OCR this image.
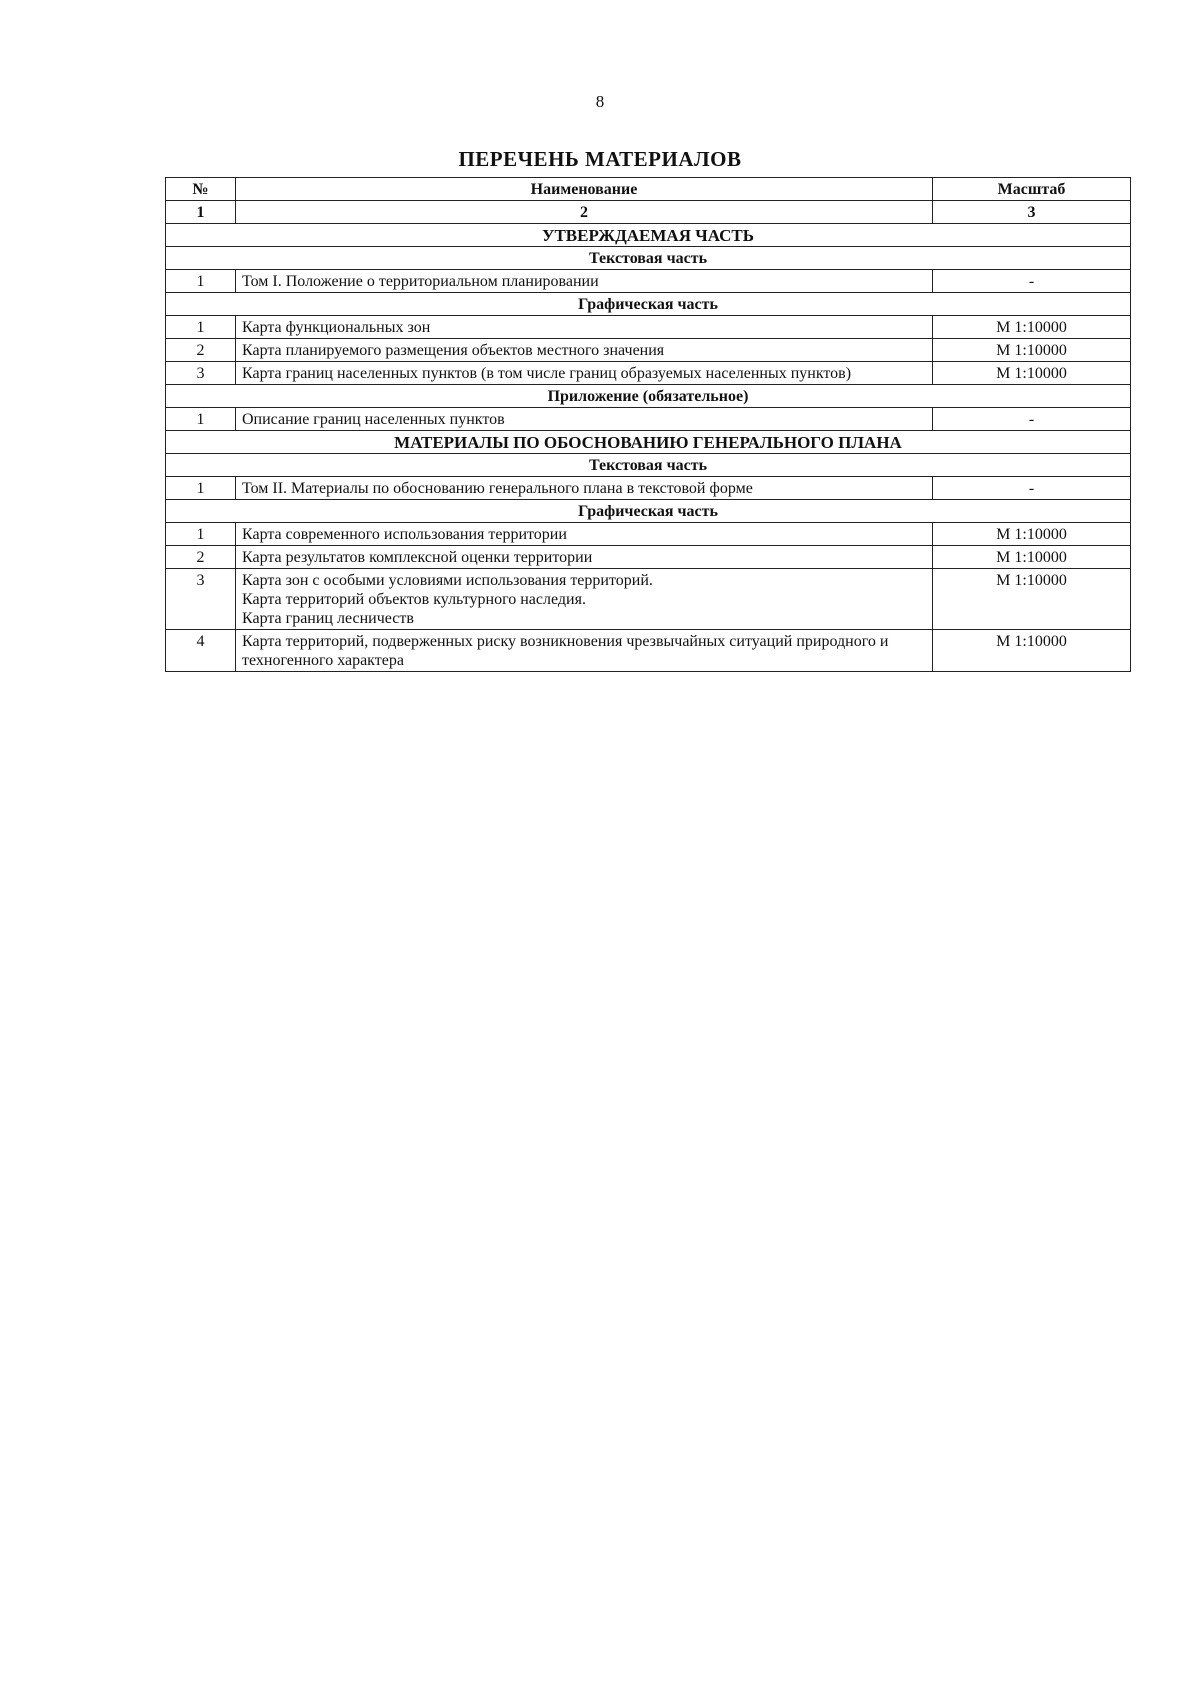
8
ПЕРЕЧЕНЬ МАТЕРИАЛОВ
№	Наименование	Масштаб
1	2	3
УТВЕРЖДАЕМАЯ ЧАСТЬ		
Текстовая часть		
1	Том I. Положение о территориальном планировании	-
Графическая часть		
1	Карта функциональных зон	М 1:10000
2	Карта планируемого размещения объектов местного значения	М 1:10000
3	Карта границ населенных пунктов (в том числе границ образуемых населенных пунктов)	М 1:10000
Приложение (обязательное)		
1	Описание границ населенных пунктов	-
МАТЕРИАЛЫ ПО ОБОСНОВАНИЮ ГЕНЕРАЛЬНОГО ПЛАНА		
Текстовая часть		
1	Том II. Материалы по обоснованию генерального плана в текстовой форме	-
Графическая часть		
1	Карта современного использования территории	М 1:10000
2	Карта результатов комплексной оценки территории	М 1:10000
3	Карта зон с особыми условиями использования территорий.
Карта территорий объектов культурного наследия.
Карта границ лесничеств	М 1:10000
4	Карта территорий, подверженных риску возникновения чрезвычайных ситуаций природного и техногенного характера	М 1:10000
